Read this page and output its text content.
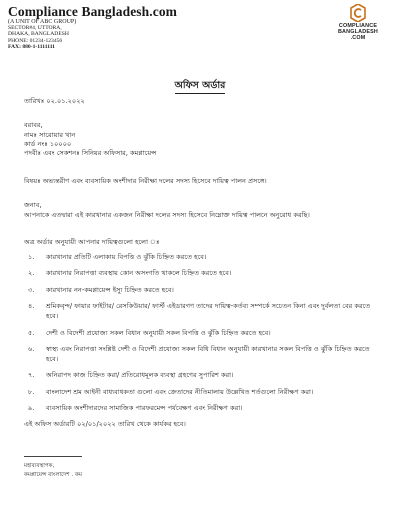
Compliance Bangladesh.com
(A UNIT OF ABC GROUP)
SECTOR#4, UTTORA,
DHAKA, BANGLADESH
PHONE: 01234-123456
FAX: 880-1-1111111
COMPLIANCE
BANGLADESH
.COM
অফিস অর্ডার
তারিখঃ ০২.০১.২০২২
বরাবর,
নামঃ সারোয়ার খান
কার্ড নংঃ ১০০০০
পদবীঃ এবং সেকশনঃ সিনিয়র অফিসার, কমপ্লায়েন্স
বিষয়ঃ অভ্যন্তরীণ এবং ব্যবসায়িক অংশীদার নিরীক্ষা দলের সদস্য হিসেবে দায়িত্ব পালন প্রসঙ্গে।
জনাব,
আপনাকে এতদ্বারা এই কারখানার একজন নিরীক্ষা দলের সদস্য হিসেবে নিম্নোক্ত দায়িত্ব পালনে অনুরোধ করছি।
অত্র অর্ডার অনুযায়ী আপনার দায়িত্বগুলো হলো ঃ
১. কারখানার প্রতিটি এলাকায় বিপত্তি ও ঝুঁকি চিহ্নিত করতে হবে।
২. কারখানার নিরাপত্তা ব্যবস্থায় কোন অসংগতি থাকলে চিহ্নিত করতে হবে।
৩. কারখানার নন-কমপ্লায়েন্স ইস্যু চিহ্নিত করতে হবে।
৪. শ্রমিকবৃন্দ/ ফায়ার ফাইটার/ রেসকিউয়ার/ ফার্স্ট এইডারগণ তাদের দায়িত্ব-কর্তব্য সম্পর্কে সচেতন কিনা এবং দুর্বলতা বের করতে হবে।
৫. দেশী ও বিদেশী প্রযোজ্য সকল বিধান অনুযায়ী সকল বিপত্তি ও ঝুঁকি চিহ্নিত করতে হবে।
৬. স্বাস্থ্য এবং নিরাপত্তা সংশ্লিষ্ট দেশী ও বিদেশী প্রযোজ্য সকল বিধি বিধান অনুযায়ী কারখানার সকল বিপত্তি ও ঝুঁকি চিহ্নিত করতে হবে।
৭. অনিরাপদ কাজ চিহ্নিত করা/ প্রতিরোধমূলক ব্যবস্থা গ্রহণের সুপারিশ করা।
৮. বাংলাদেশ শ্রম আইনী বাধ্যবাধকতা গুলো এবং ক্রেতাদের নীতিমালায় উল্লেখিত শর্তগুলো নিরীক্ষণ করা।
৯. ব্যবসায়িক অংশীদারদের সামাজিক পারফরমেন্স পর্যবেক্ষণ এবং নিরীক্ষণ করা।
এই অফিস অর্ডারটি ০২/০১/২০২২ তারিখ থেকে কার্যকর হবে।
মহাব্যবস্থাপক,
কমপ্লায়েন্স বাংলাদেশ . কম
